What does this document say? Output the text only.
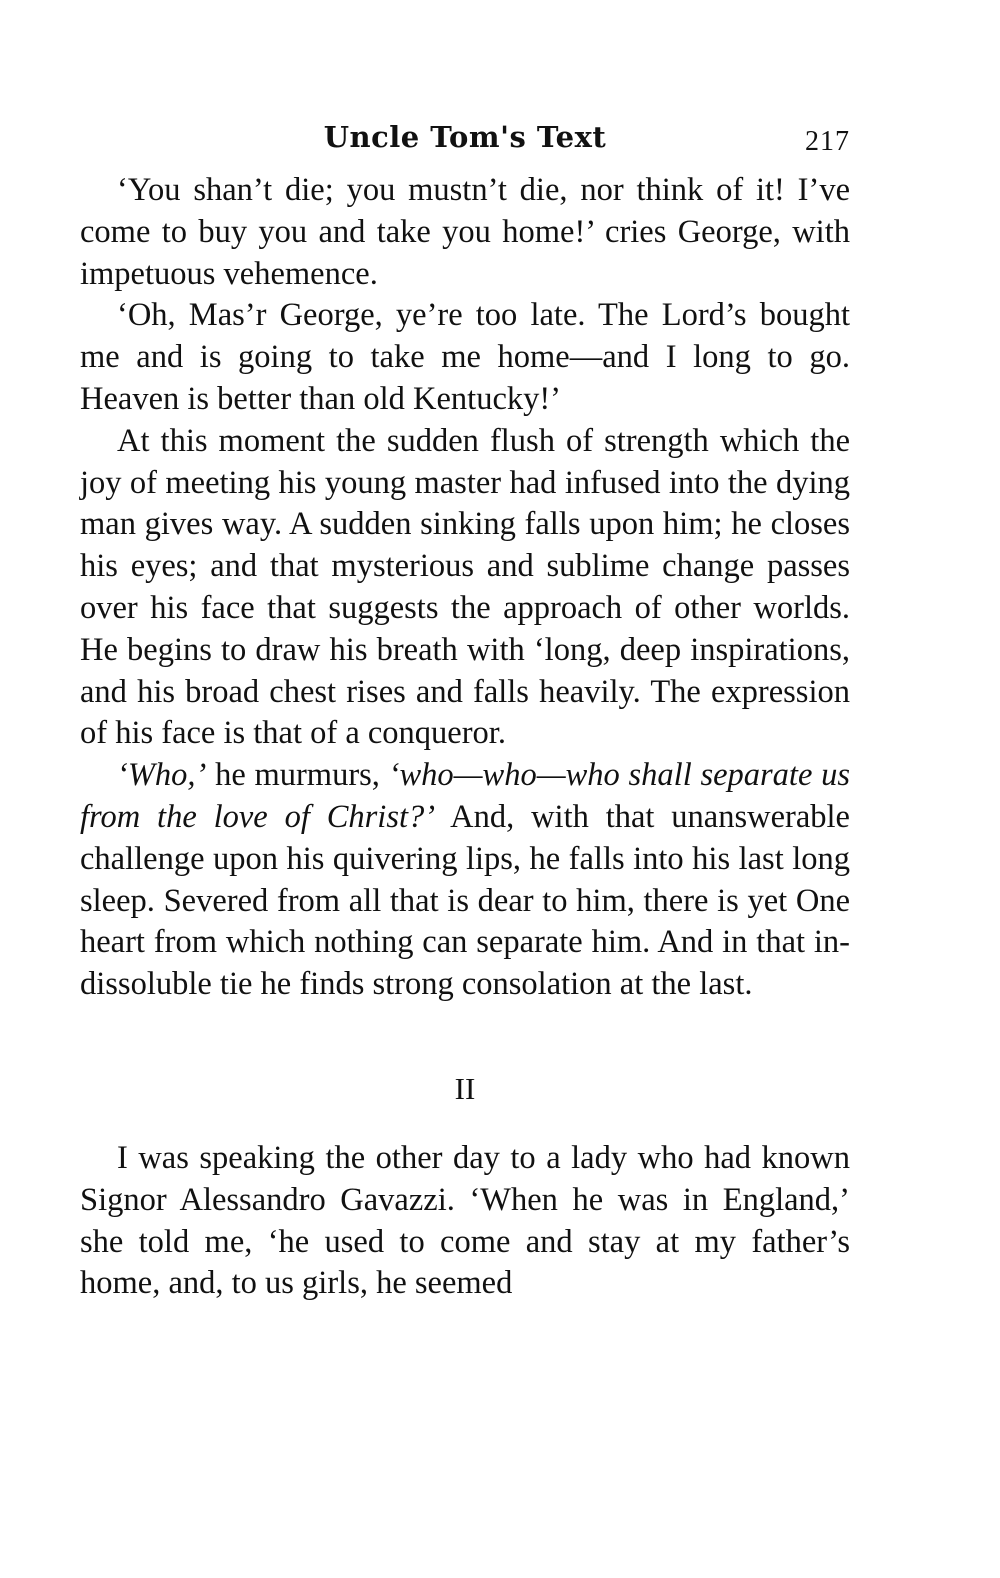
Uncle Tom's Text	217

‘You shan’t die; you mustn’t die, nor think of it! I’ve come to buy you and take you home!’ cries George, with impetuous vehemence.

‘Oh, Mas’r George, ye’re too late. The Lord’s bought me and is going to take me home—and I long to go. Heaven is better than old Kentucky!’

At this moment the sudden flush of strength which the joy of meeting his young master had infused into the dying man gives way. A sudden sinking falls upon him; he closes his eyes; and that mysterious and sublime change passes over his face that suggests the approach of other worlds. He begins to draw his breath with ‘long, deep inspirations, and his broad chest rises and falls heavily. The expression of his face is that of a conqueror.

‘Who,’ he murmurs, ‘who—who—who shall separate us from the love of Christ?’ And, with that unanswerable challenge upon his quivering lips, he falls into his last long sleep. Severed from all that is dear to him, there is yet One heart from which nothing can separate him. And in that indissoluble tie he finds strong consolation at the last.

II

I was speaking the other day to a lady who had known Signor Alessandro Gavazzi. ‘When he was in England,’ she told me, ‘he used to come and stay at my father’s home, and, to us girls, he seemed
